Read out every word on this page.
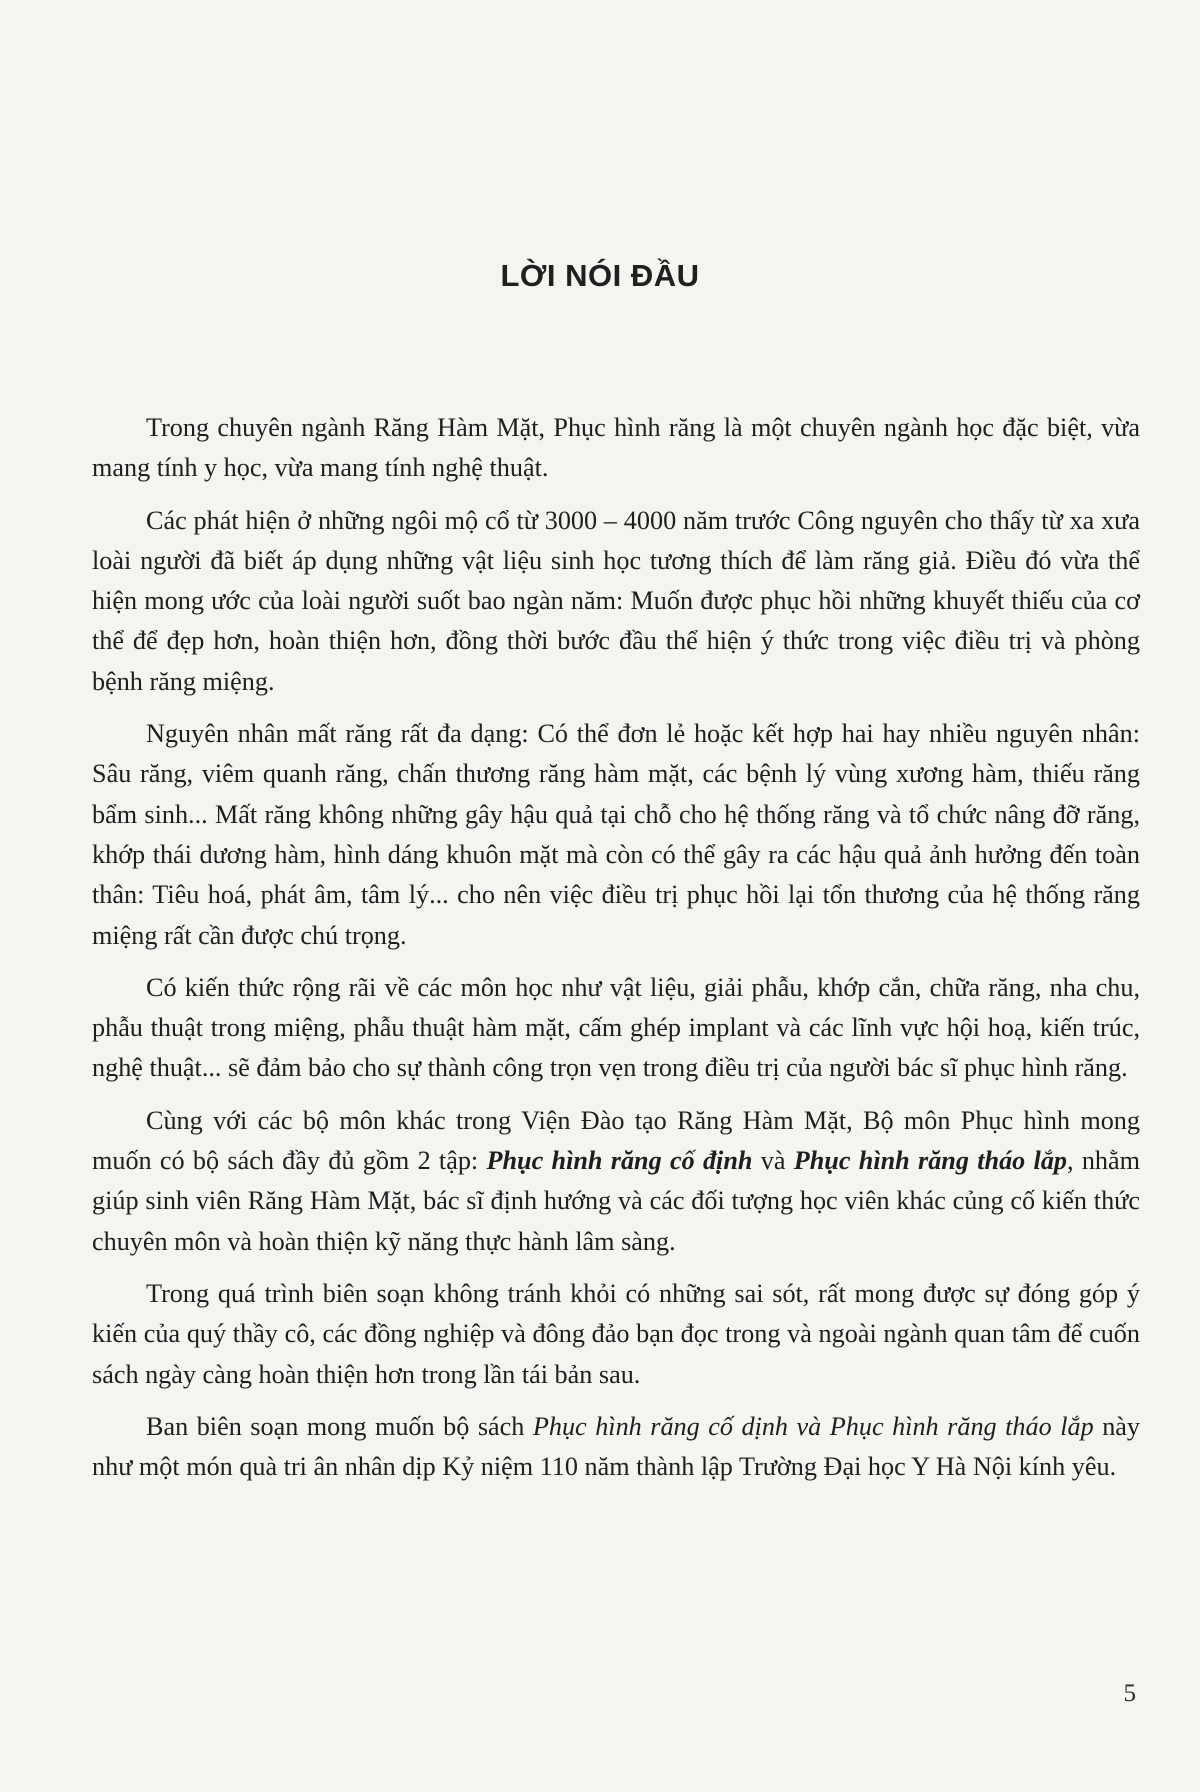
LỜI NÓI ĐẦU

Trong chuyên ngành Răng Hàm Mặt, Phục hình răng là một chuyên ngành học đặc biệt, vừa mang tính y học, vừa mang tính nghệ thuật.

Các phát hiện ở những ngôi mộ cổ từ 3000 – 4000 năm trước Công nguyên cho thấy từ xa xưa loài người đã biết áp dụng những vật liệu sinh học tương thích để làm răng giả. Điều đó vừa thể hiện mong ước của loài người suốt bao ngàn năm: Muốn được phục hồi những khuyết thiếu của cơ thể để đẹp hơn, hoàn thiện hơn, đồng thời bước đầu thể hiện ý thức trong việc điều trị và phòng bệnh răng miệng.

Nguyên nhân mất răng rất đa dạng: Có thể đơn lẻ hoặc kết hợp hai hay nhiều nguyên nhân: Sâu răng, viêm quanh răng, chấn thương răng hàm mặt, các bệnh lý vùng xương hàm, thiếu răng bẩm sinh... Mất răng không những gây hậu quả tại chỗ cho hệ thống răng và tổ chức nâng đỡ răng, khớp thái dương hàm, hình dáng khuôn mặt mà còn có thể gây ra các hậu quả ảnh hưởng đến toàn thân: Tiêu hoá, phát âm, tâm lý... cho nên việc điều trị phục hồi lại tổn thương của hệ thống răng miệng rất cần được chú trọng.

Có kiến thức rộng rãi về các môn học như vật liệu, giải phẫu, khớp cắn, chữa răng, nha chu, phẫu thuật trong miệng, phẫu thuật hàm mặt, cấm ghép implant và các lĩnh vực hội hoạ, kiến trúc, nghệ thuật... sẽ đảm bảo cho sự thành công trọn vẹn trong điều trị của người bác sĩ phục hình răng.

Cùng với các bộ môn khác trong Viện Đào tạo Răng Hàm Mặt, Bộ môn Phục hình mong muốn có bộ sách đầy đủ gồm 2 tập: Phục hình răng cố định và Phục hình răng tháo lắp, nhằm giúp sinh viên Răng Hàm Mặt, bác sĩ định hướng và các đối tượng học viên khác củng cố kiến thức chuyên môn và hoàn thiện kỹ năng thực hành lâm sàng.

Trong quá trình biên soạn không tránh khỏi có những sai sót, rất mong được sự đóng góp ý kiến của quý thầy cô, các đồng nghiệp và đông đảo bạn đọc trong và ngoài ngành quan tâm để cuốn sách ngày càng hoàn thiện hơn trong lần tái bản sau.

Ban biên soạn mong muốn bộ sách Phục hình răng cố dịnh và Phục hình răng tháo lắp này như một món quà tri ân nhân dịp Kỷ niệm 110 năm thành lập Trường Đại học Y Hà Nội kính yêu.

5
